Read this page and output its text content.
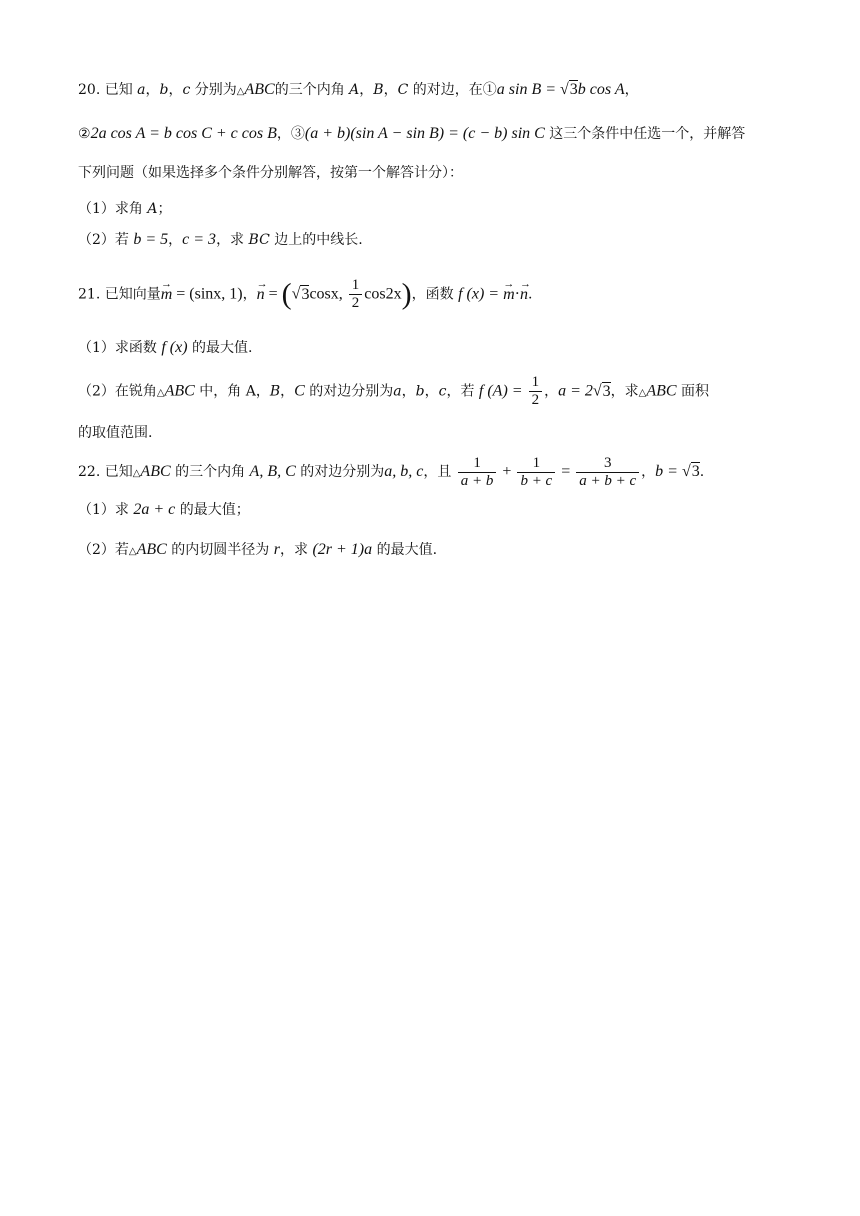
20. 已知 a，b，c 分别为△ABC的三个内角 A，B，C 的对边，在①a sin B = √3b cos A，
②2a cos A = b cos C + c cos B，③(a + b)(sin A − sin B) = (c − b) sin C 这三个条件中任选一个，并解答
下列问题（如果选择多个条件分别解答，按第一个解答计分）：
（1）求角 A；
（2）若 b = 5，c = 3，求 BC 边上的中线长.
21. 已知向量→ m = (sinx, 1)，→ n = (√3cosx, $\frac{1}{2} \cos 2x$)，函数 f (x) = → m·→ n.
（1）求函数 f (x) 的最大值.
（2）在锐角△ABC 中，角 A，B，C 的对边分别为a，b，c，若 f $(A) = \frac{1}{2}$ ，a = 2√3，求△ABC 面积
的取值范围.
22. 已知△ABC 的三个内角 A, B, C 的对边分别为a, b, c，且 $\frac{1}{a + b} + \frac{1}{b + c} = \frac{3}{a + b + c}$ ，b = √3.
（1）求 2a + c 的最大值；
（2）若△ABC 的内切圆半径为 r，求 (2r + 1)a 的最大值.
